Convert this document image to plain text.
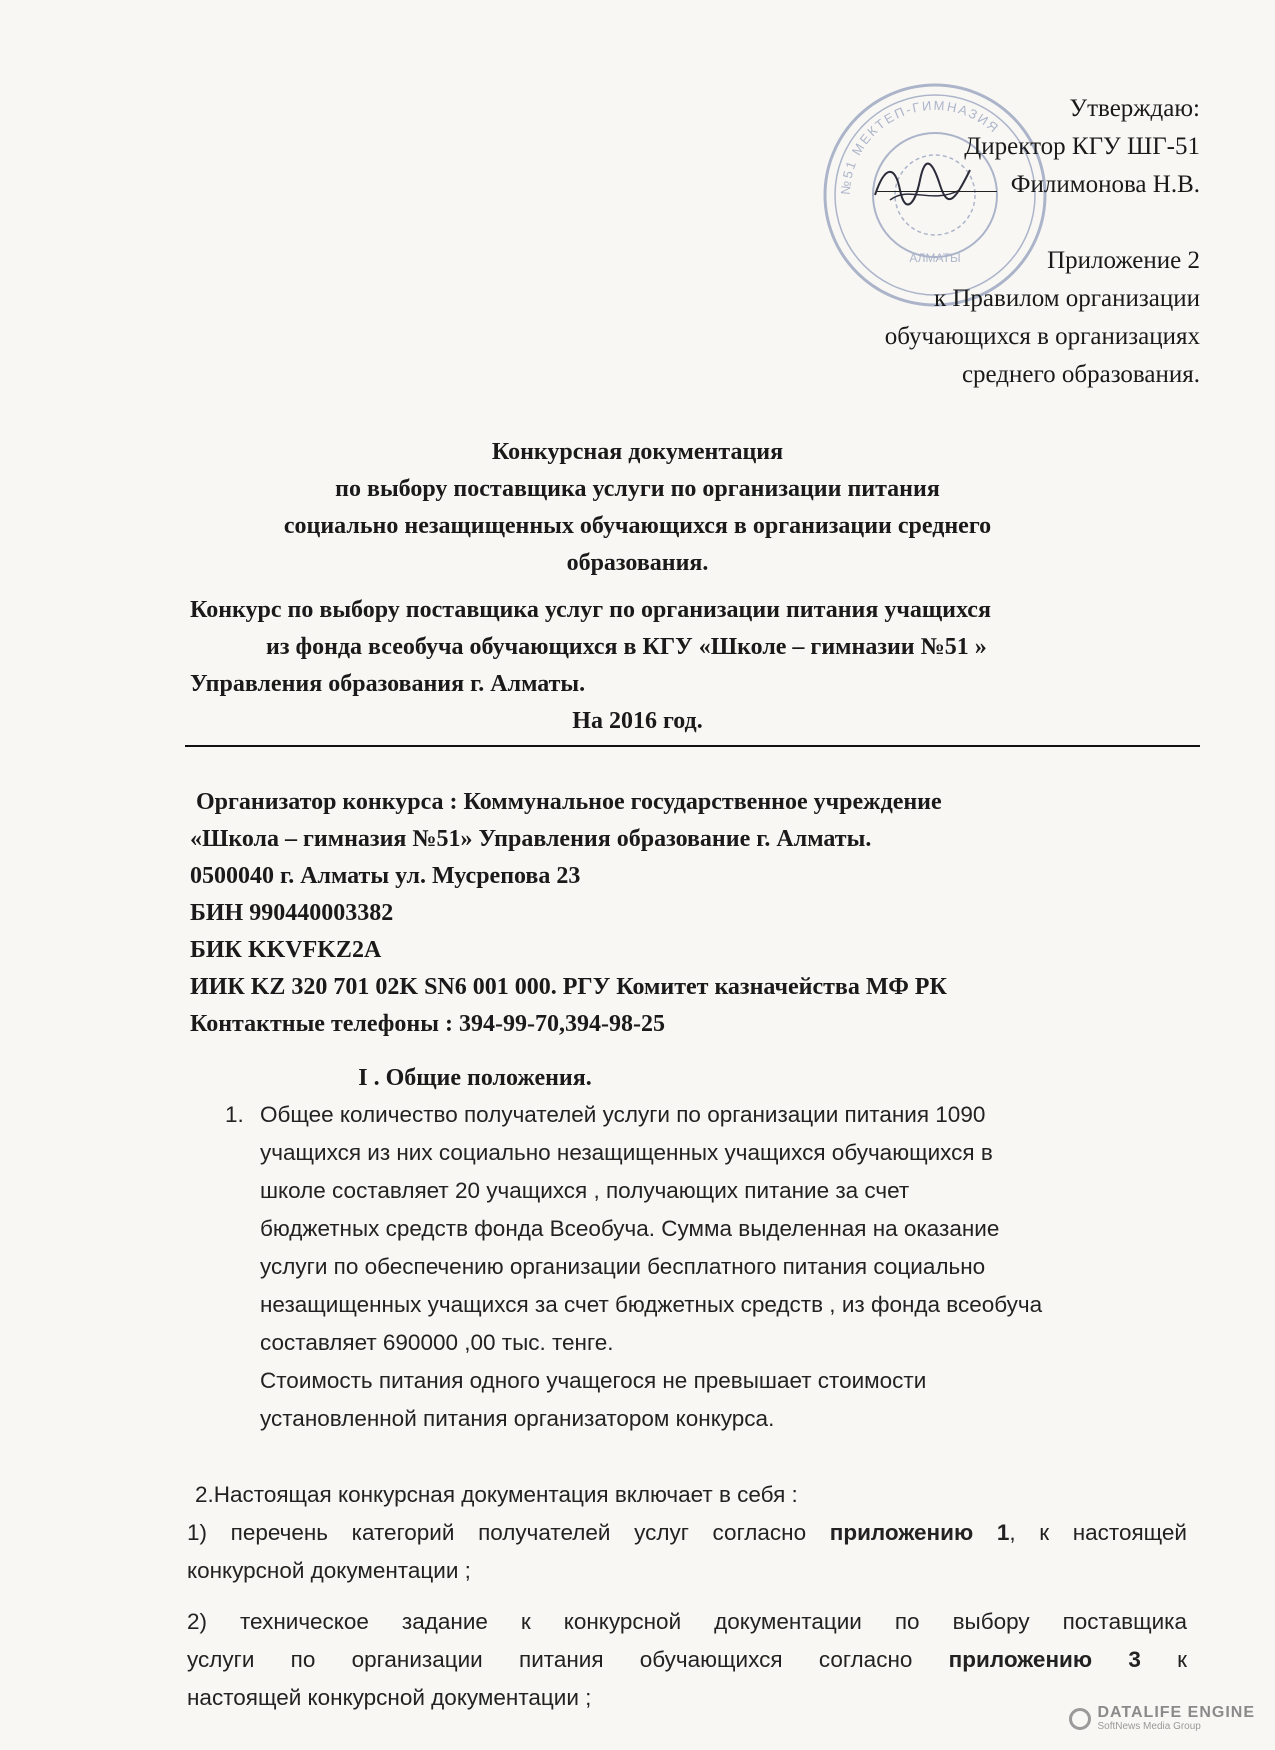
№51 МЕКТЕП-ГИМНАЗИЯ
АЛМАТЫ
Утверждаю:
Директор КГУ ШГ-51
Филимонова Н.В.
Приложение 2
к Правилом организации
обучающихся в организациях
среднего образования.
Конкурсная документация
по выбору поставщика услуги по организации питания
социально незащищенных обучающихся в организации среднего
образования.
Конкурс по выбору поставщика услуг по организации питания учащихся
из фонда всеобуча обучающихся в КГУ «Школе – гимназии №51 »
Управления образования г. Алматы.
На 2016 год.
Организатор конкурса : Коммунальное государственное учреждение
«Школа – гимназия №51» Управления образование г. Алматы.
0500040 г. Алматы ул. Мусрепова 23
БИН 990440003382
БИК KKVFKZ2A
ИИК KZ 320 701 02K SN6 001 000. РГУ Комитет казначейства МФ РК
Контактные телефоны : 394-99-70,394-98-25
I . Общие положения.
1. Общее количество получателей услуги по организации питания 1090
учащихся из них социально незащищенных учащихся обучающихся в
школе составляет 20 учащихся , получающих питание за счет
бюджетных средств фонда Всеобуча. Сумма выделенная на оказание
услуги по обеспечению организации бесплатного питания социально
незащищенных учащихся за счет бюджетных средств , из фонда всеобуча
составляет 690000 ,00 тыс. тенге.
Стоимость питания одного учащегося не превышает стоимости
установленной питания организатором конкурса.
2.Настоящая конкурсная документация включает в себя :
1) перечень категорий получателей услуг согласно приложению 1, к настоящей
конкурсной документации ;
2) техническое задание к конкурсной документации по выбору поставщика
услуги по организации питания обучающихся согласно приложению 3 к
настоящей конкурсной документации ;
DATALIFE ENGINE
SoftNews Media Group
